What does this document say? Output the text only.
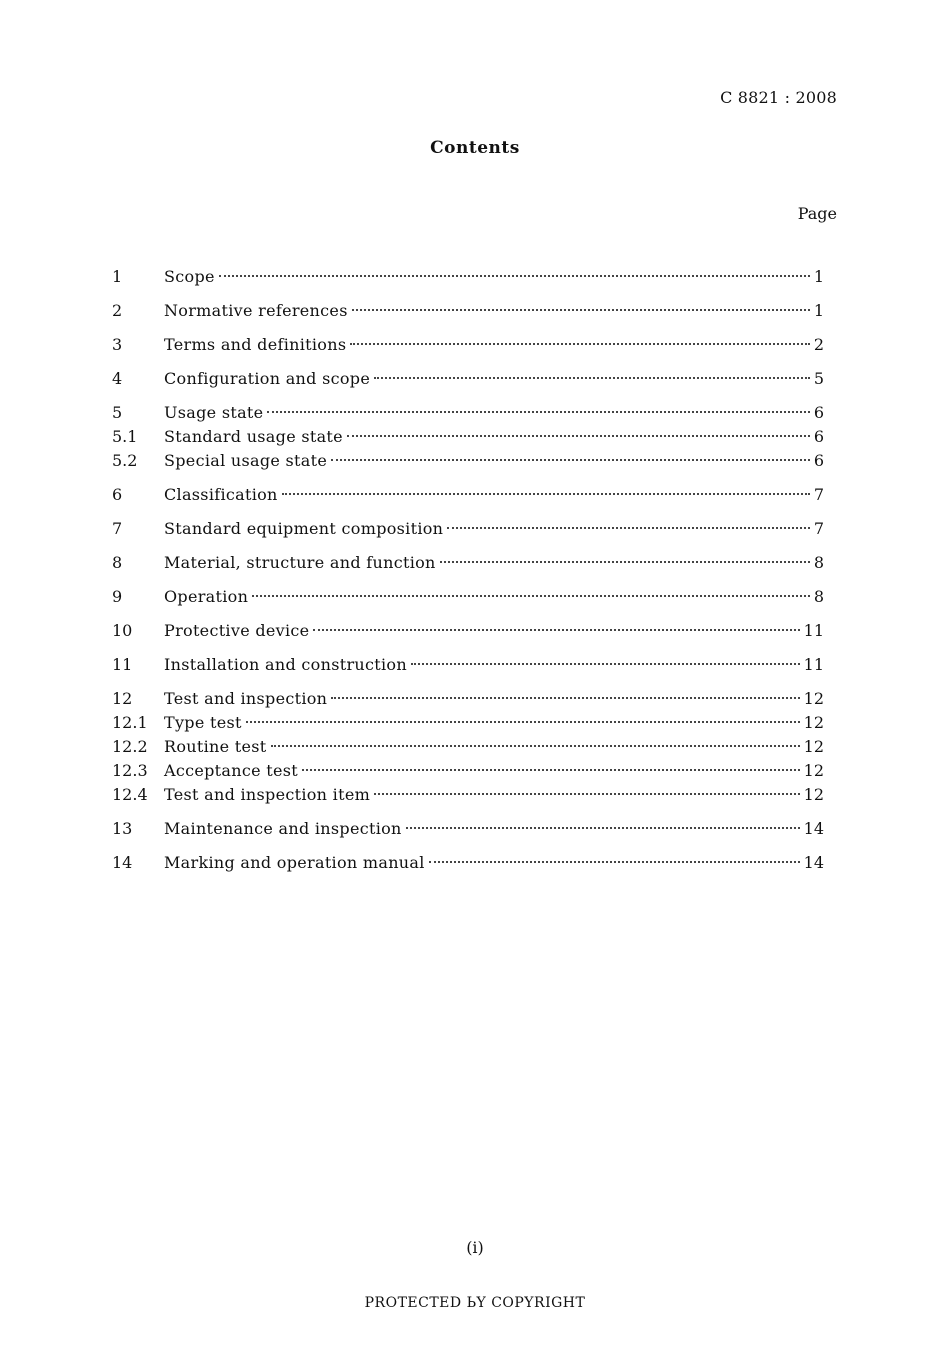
C 8821 : 2008
Contents
Page
1	Scope	1
2	Normative references	1
3	Terms and definitions	2
4	Configuration and scope	5
5	Usage state	6
5.1	Standard usage state	6
5.2	Special usage state	6
6	Classification	7
7	Standard equipment composition	7
8	Material, structure and function	8
9	Operation	8
10	Protective device	11
11	Installation and construction	11
12	Test and inspection	12
12.1	Type test	12
12.2	Routine test	12
12.3	Acceptance test	12
12.4	Test and inspection item	12
13	Maintenance and inspection	14
14	Marking and operation manual	14
(i)
PROTECTED ЬY COPYRIGHT
